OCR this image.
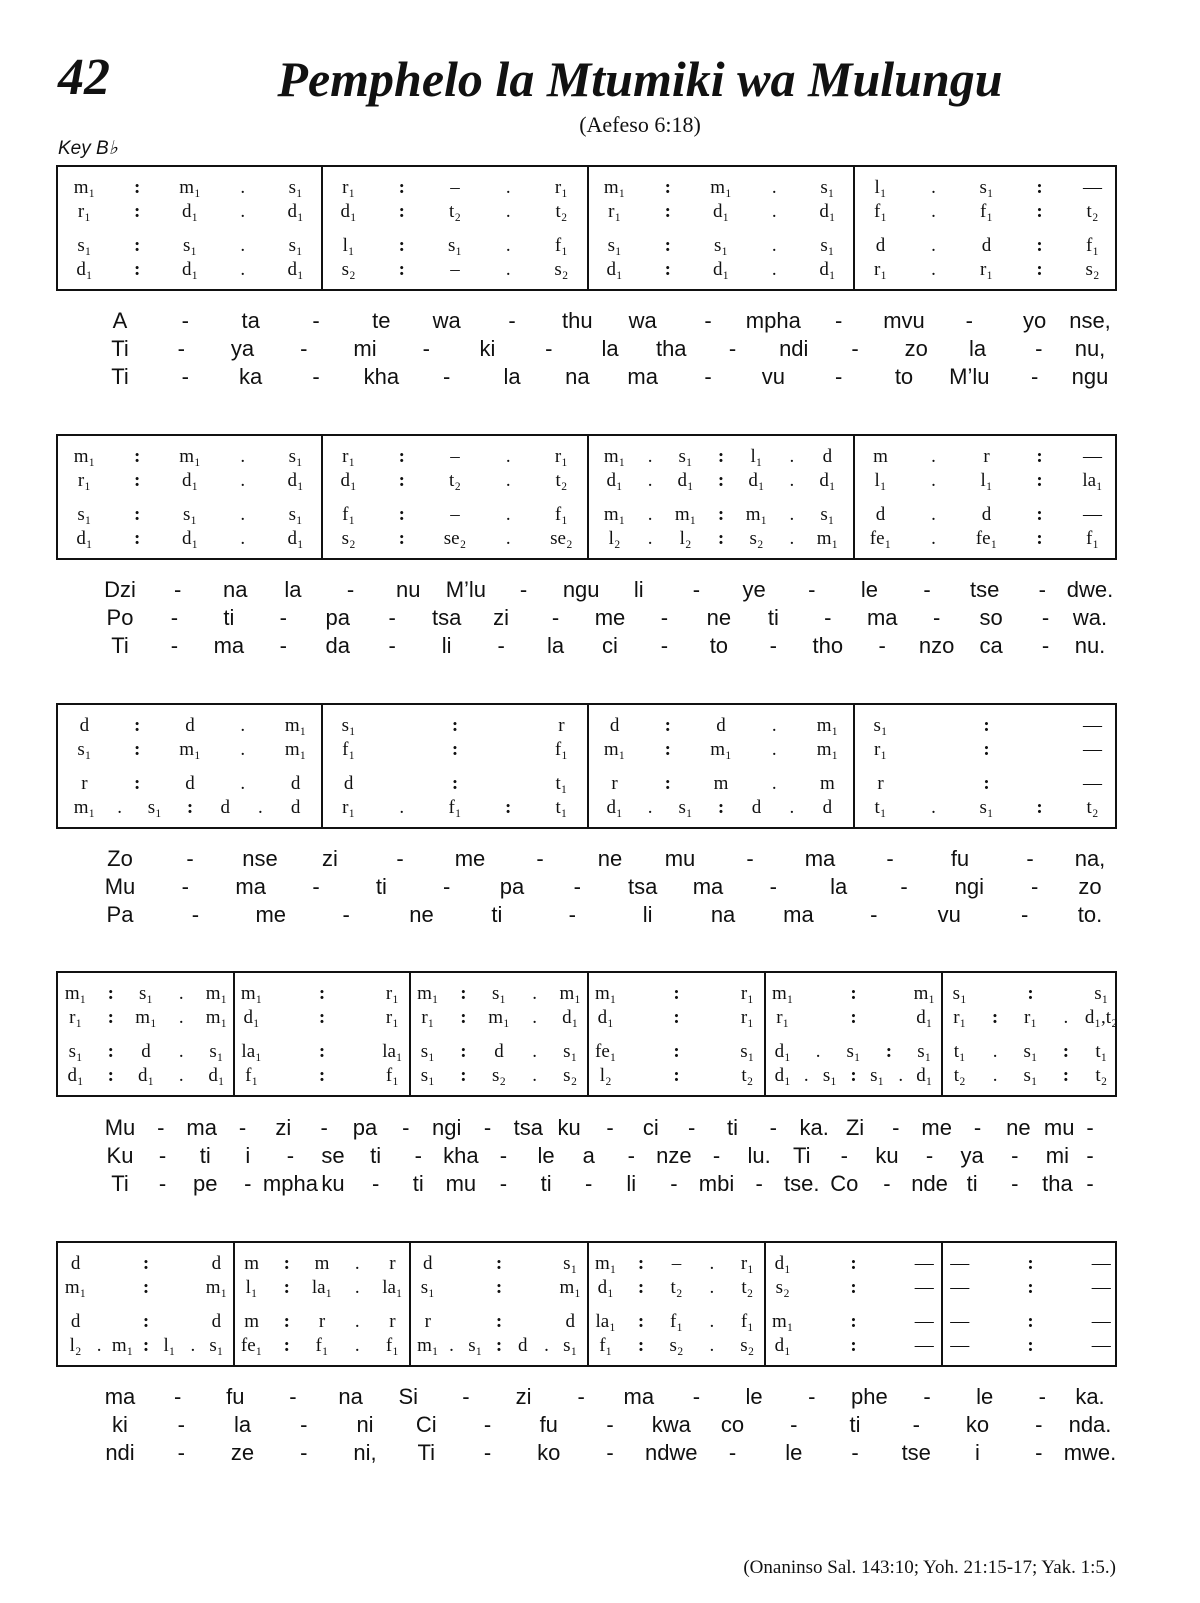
42	Pemphelo la Mtumiki wa Mulungu
(Aefeso 6:18)
Key B♭
m₁ : m₁ . s₁ r₁ : – . r₁ m₁ : m₁ . s₁ l₁ . s₁ : —
r₁ : d₁ . d₁ d₁ : t₂ . t₂ r₁ : d₁ . d₁ f₁ . f₁ : t₂
s₁ : s₁ . s₁ l₁ : s₁ . f₁ s₁ : s₁ . s₁ d . d : f₁
d₁ : d₁ . d₁ s₂ : – . s₂ d₁ : d₁ . d₁ r₁ . r₁ : s₂
A - ta - te wa - thu wa - mpha - mvu - yo nse,
Ti - ya - mi - ki - la tha - ndi - zo la - nu,
Ti - ka - kha - la na ma - vu - to M’lu - ngu
m₁ : m₁ . s₁ r₁ : – . r₁ m₁ . s₁ : l₁ . d m . r : —
r₁ : d₁ . d₁ d₁ : t₂ . t₂ d₁ . d₁ : d₁ . d₁ l₁ . l₁ : la₁
s₁ : s₁ . s₁ f₁ : – . f₁ m₁ . m₁ : m₁ . s₁ d . d : —
d₁ : d₁ . d₁ s₂ : se₂ . se₂ l₂ . l₂ : s₂ . m₁ fe₁ . fe₁ : f₁
Dzi - na la - nu M’lu - ngu li - ye - le - tse - dwe.
Po - ti - pa - tsa zi - me - ne ti - ma - so - wa.
Ti - ma - da - li - la ci - to - tho - nzo ca - nu.
d : d . m₁ s₁	:	r d : d . m₁ s₁	:	—
s₁ : m₁ . m₁ f₁	:	f₁ m₁ : m₁ . m₁ r₁	:	—
r : d . d d	:	t₁ r : m . m r	:	—
m₁ . s₁ : d . d r₁ . f₁ : t₁ d₁ . s₁ : d . d t₁ . s₁ : t₂
Zo - nse zi	- me - ne mu - ma -	fu	- na,
Mu - ma -	ti	- pa - tsa ma - la - ngi - zo
Pa	-	me	-	ne	ti	-	li	na ma	-	vu	- to.
m₁ : s₁ . m₁ m₁	:	r₁ m₁ : s₁ . m₁ m₁	:	r₁ m₁	:	m₁ s₁	:	s₁
r₁ : m₁ . m₁ d₁	:	r₁ r₁ : m₁ . d₁ d₁	:	r₁ r₁	:	d₁ r₁ : r₁ . d₁,t₂
s₁ : d . s₁ la₁	:	la₁ s₁ : d . s₁ fe₁	:	s₁ d₁ . s₁ : s₁ t₁ . s₁ : t₁
d₁ : d₁ . d₁ f₁	:	f₁ s₁ : s₂ . s₂ l₂	:	t₂ d₁ . s₁ : s₁ . d₁ t₂ . s₁ : t₂
Mu - ma - zi - pa - ngi - tsa ku - ci - ti - ka. Zi - me - ne mu -
Ku - ti i - se ti - kha - le a - nze - lu. Ti - ku - ya - mi -
Ti - pe - mpha ku - ti mu - ti - li - mbi - tse. Co - nde ti - tha -
d	:	d m : m . r d	:	s₁ m₁ : – . r₁ d₁	:	— —	:	—
m₁	:	m₁ l₁ : la₁ . la₁ s₁	:	m₁ d₁ : t₂ . t₂ s₂	:	— —	:	—
d	:	d m : r . r r	:	d la₁ : f₁ . f₁ m₁	:	— —	:	—
l₂ . m₁ : l₁ . s₁ fe₁ : f₁ . f₁ m₁ . s₁ : d . s₁ f₁ : s₂ . s₂ d₁	:	— —	:	—
ma - fu - na Si - zi - ma - le - phe - le - ka.
ki - la - ni Ci - fu - kwa co - ti - ko - nda.
ndi - ze - ni, Ti - ko - ndwe - le - tse i	- mwe.
(Onaninso Sal. 143:10; Yoh. 21:15-17; Yak. 1:5.)
